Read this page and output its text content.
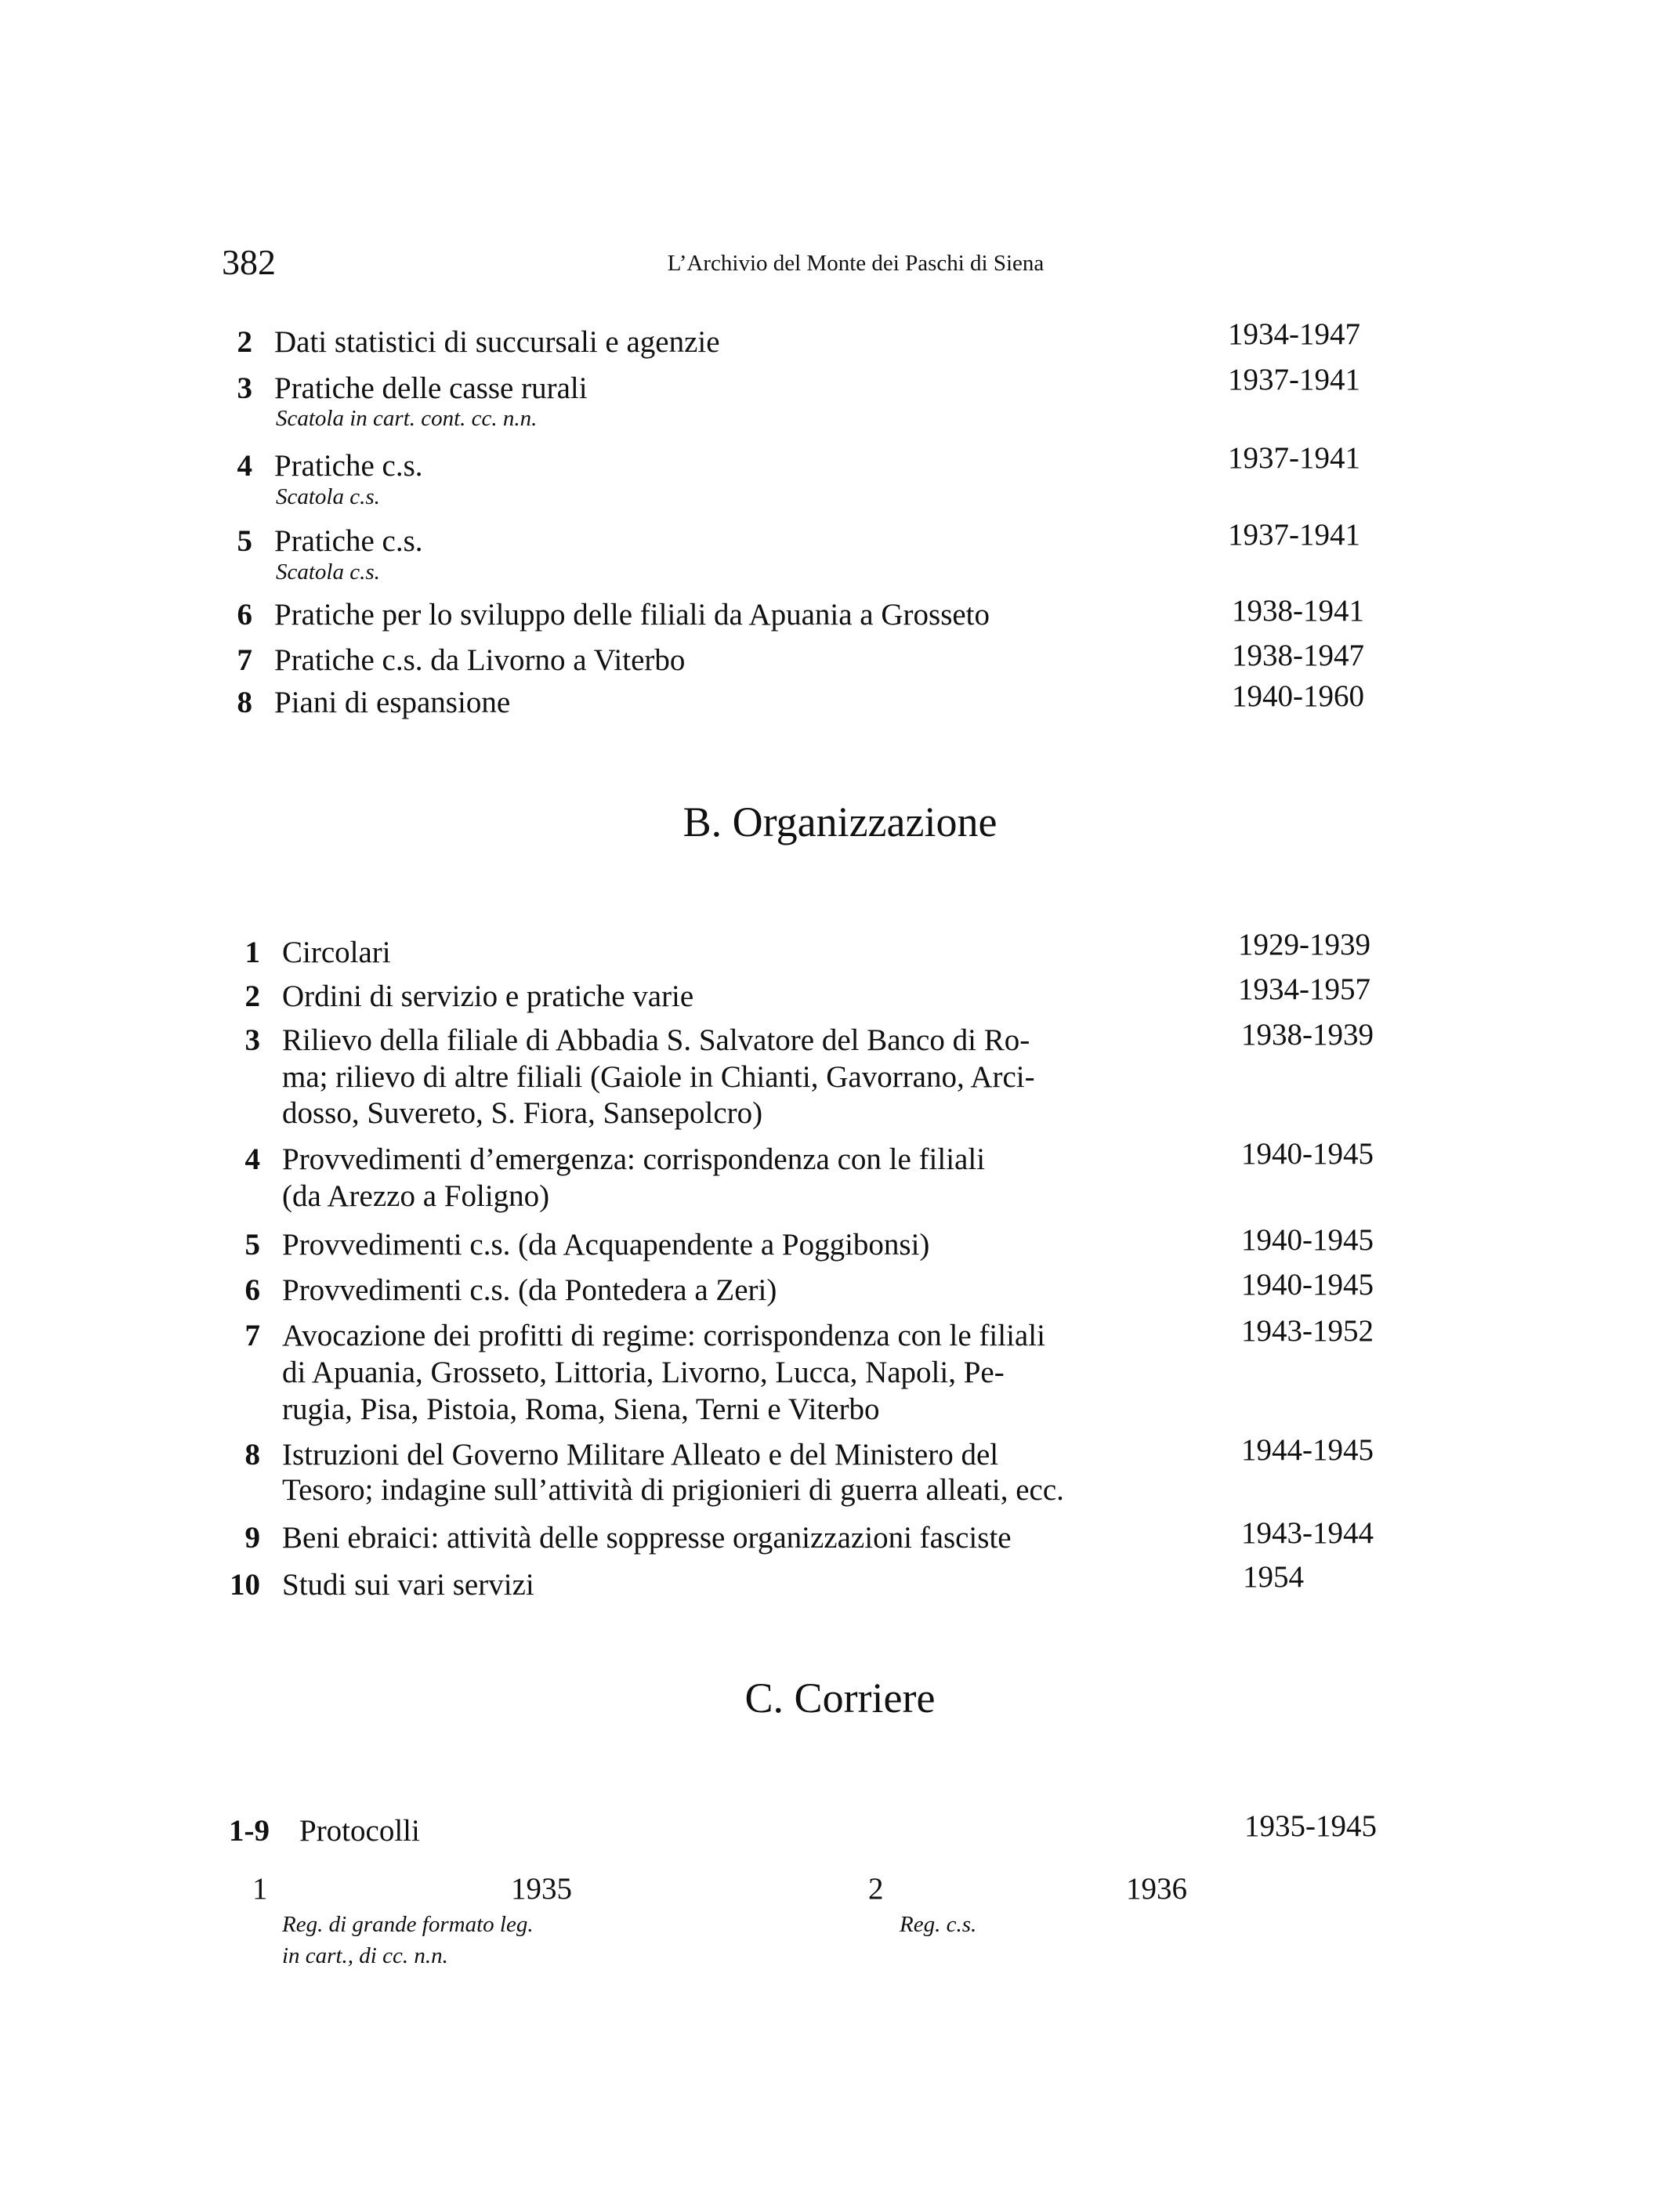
382	L’Archivio del Monte dei Paschi di Siena
2 Dati statistici di succursali e agenzie	1934-1947
3 Pratiche delle casse rurali	1937-1941
Scatola in cart. cont. cc. n.n.
4 Pratiche c.s.	1937-1941
Scatola c.s.
5 Pratiche c.s.	1937-1941
Scatola c.s.
6 Pratiche per lo sviluppo delle filiali da Apuania a Grosseto	1938-1941
7 Pratiche c.s. da Livorno a Viterbo	1938-1947
8 Piani di espansione	1940-1960
B. Organizzazione
1 Circolari	1929-1939
2 Ordini di servizio e pratiche varie	1934-1957
3 Rilievo della filiale di Abbadia S. Salvatore del Banco di Ro-
ma; rilievo di altre filiali (Gaiole in Chianti, Gavorrano, Arci-
dosso, Suvereto, S. Fiora, Sansepolcro)
1938-1939
4 Provvedimenti d’emergenza: corrispondenza con le filiali
(da Arezzo a Foligno)
1940-1945
5 Provvedimenti c.s. (da Acquapendente a Poggibonsi)	1940-1945
6 Provvedimenti c.s. (da Pontedera a Zeri)	1940-1945
7 Avocazione dei profitti di regime: corrispondenza con le filiali
di Apuania, Grosseto, Littoria, Livorno, Lucca, Napoli, Pe-
rugia, Pisa, Pistoia, Roma, Siena, Terni e Viterbo
1943-1952
8 Istruzioni del Governo Militare Alleato e del Ministero del
Tesoro; indagine sull’attività di prigionieri di guerra alleati, ecc.
1944-1945
9 Beni ebraici: attività delle soppresse organizzazioni fasciste	1943-1944
10 Studi sui vari servizi	1954
C. Corriere
1-9 Protocolli	1935-1945
1	1935
Reg. di grande formato leg.
in cart., di cc. n.n.
2	1936
Reg. c.s.
